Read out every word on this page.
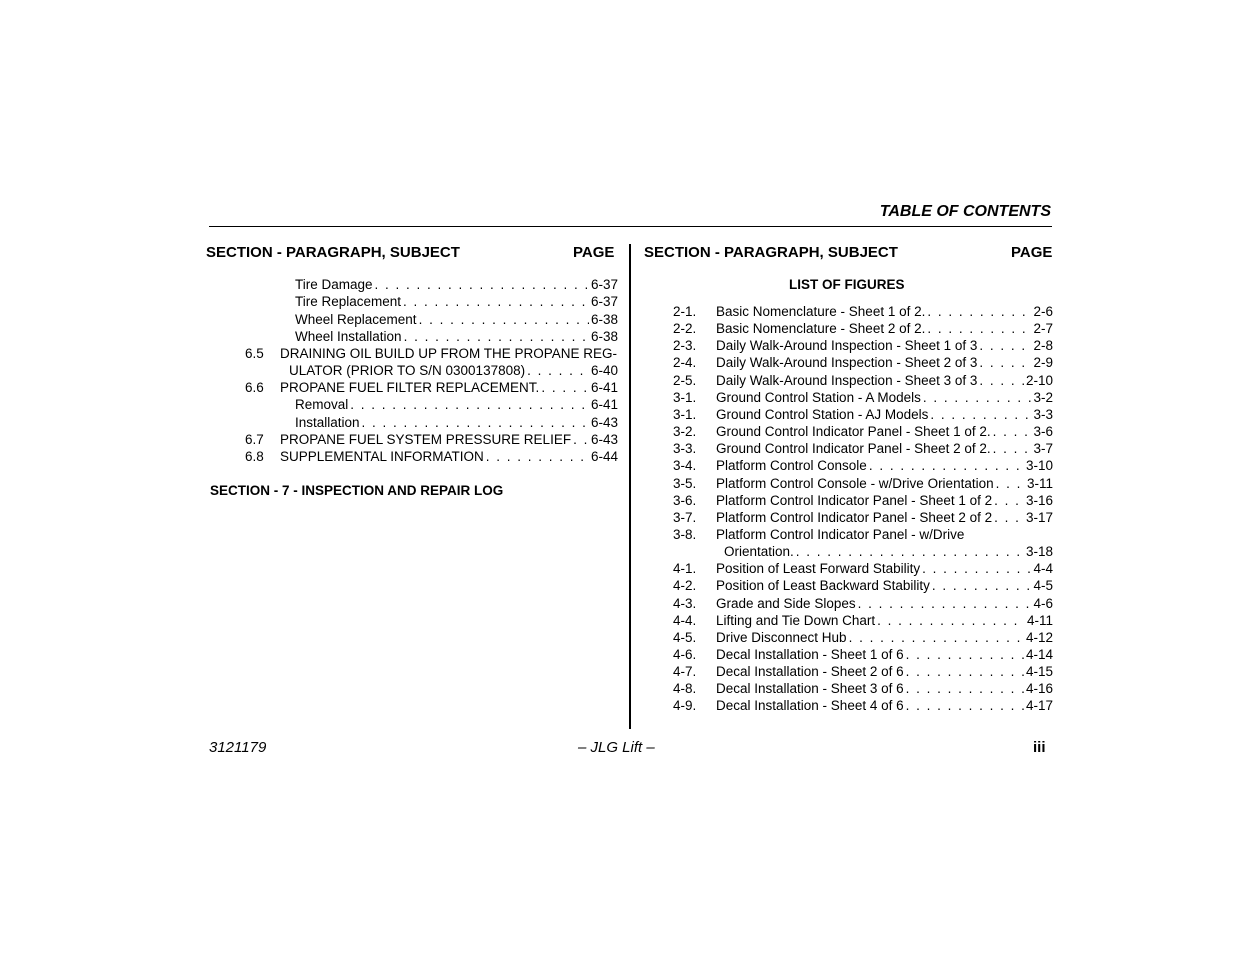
TABLE OF CONTENTS
SECTION - PARAGRAPH, SUBJECT	PAGE SECTION - PARAGRAPH, SUBJECT	PAGE
LIST OF FIGURES
Tire Damage . . .	6-37
Tire Replacement . . .	6-37
Wheel Replacement . . .	6-38
Wheel Installation . . .	6-38
6.5 DRAINING OIL BUILD UP FROM THE PROPANE REG-
ULATOR (PRIOR TO S/N 0300137808) . . .	6-40
6.6 PROPANE FUEL FILTER REPLACEMENT. . . .	6-41
Removal . . .	6-41
Installation . . .	6-43
6.7 PROPANE FUEL SYSTEM PRESSURE RELIEF . . . 6-43
6.8 SUPPLEMENTAL INFORMATION . . .	6-44
SECTION - 7 - INSPECTION AND REPAIR LOG
2-1. Basic Nomenclature - Sheet 1 of 2. . . .	2-6
2-2. Basic Nomenclature - Sheet 2 of 2. . . .	2-7
2-3. Daily Walk-Around Inspection - Sheet 1 of 3 . . .	2-8
2-4. Daily Walk-Around Inspection - Sheet 2 of 3 . . .	2-9
2-5. Daily Walk-Around Inspection - Sheet 3 of 3 . . .	2-10
3-1. Ground Control Station - A Models . . .	3-2
3-1. Ground Control Station - AJ Models . . .	3-3
3-2. Ground Control Indicator Panel - Sheet 1 of 2. . . .	3-6
3-3. Ground Control Indicator Panel - Sheet 2 of 2. . . .	3-7
3-4. Platform Control Console . . .	3-10
3-5. Platform Control Console - w/Drive Orientation . . . 3-11
3-6. Platform Control Indicator Panel - Sheet 1 of 2 . . .	3-16
3-7. Platform Control Indicator Panel - Sheet 2 of 2 . . .	3-17
3-8. Platform Control Indicator Panel - w/Drive
Orientation. . . .	3-18
4-1. Position of Least Forward Stability . . .	4-4
4-2. Position of Least Backward Stability . . .	4-5
4-3. Grade and Side Slopes . . .	4-6
4-4. Lifting and Tie Down Chart . . .	4-11
4-5. Drive Disconnect Hub . . .	4-12
4-6. Decal Installation - Sheet 1 of 6 . . .	4-14
4-7. Decal Installation - Sheet 2 of 6 . . .	4-15
4-8. Decal Installation - Sheet 3 of 6 . . .	4-16
4-9. Decal Installation - Sheet 4 of 6 . . .	4-17
3121179	– JLG Lift –	iii
